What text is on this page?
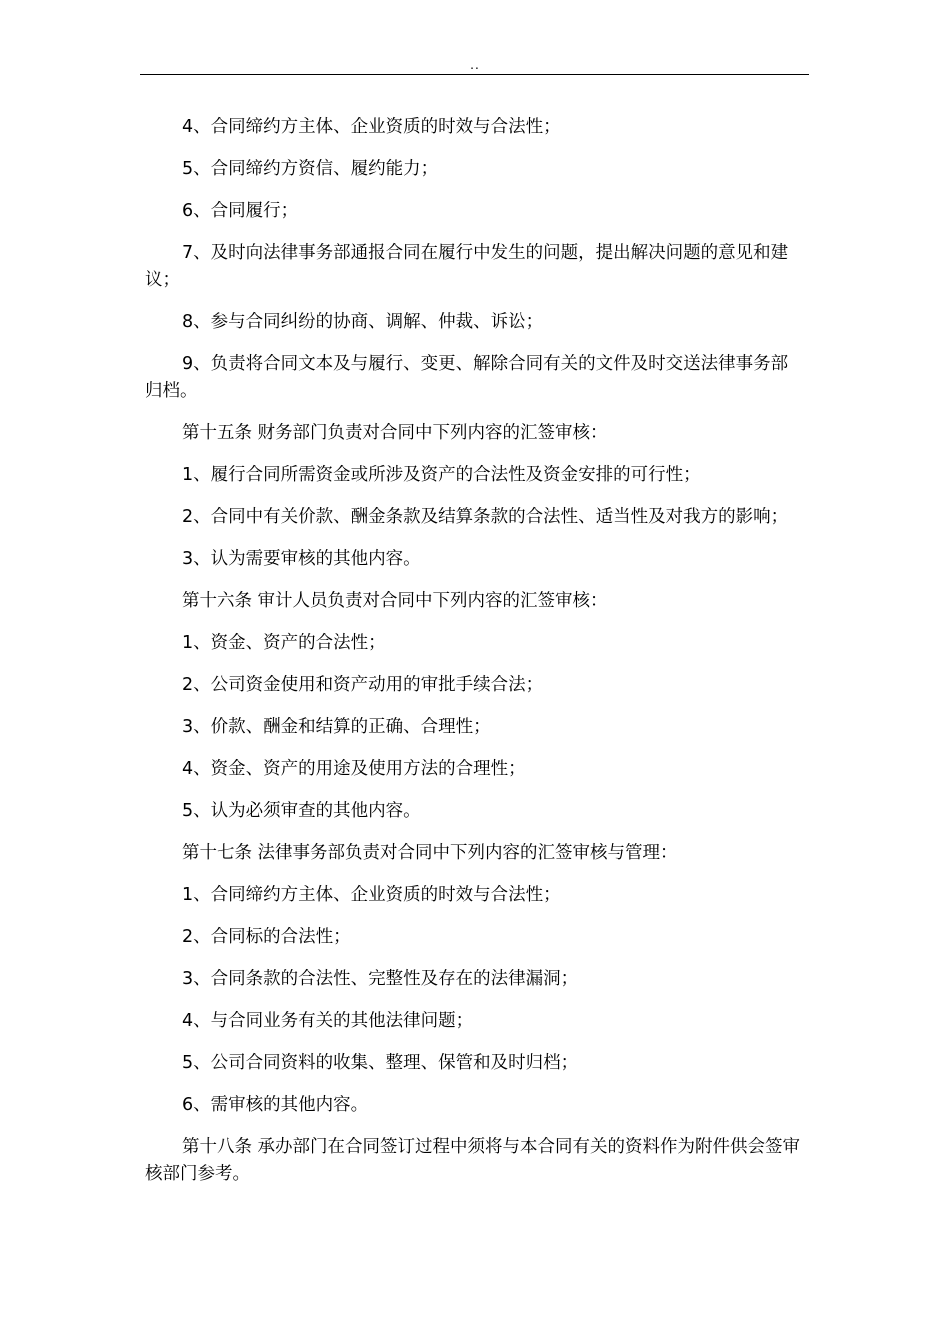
..

4、合同缔约方主体、企业资质的时效与合法性；

5、合同缔约方资信、履约能力；

6、合同履行；

7、及时向法律事务部通报合同在履行中发生的问题，提出解决问题的意见和建议；

8、参与合同纠纷的协商、调解、仲裁、诉讼；

9、负责将合同文本及与履行、变更、解除合同有关的文件及时交送法律事务部归档。

第十五条 财务部门负责对合同中下列内容的汇签审核：

1、履行合同所需资金或所涉及资产的合法性及资金安排的可行性；

2、合同中有关价款、酬金条款及结算条款的合法性、适当性及对我方的影响；

3、认为需要审核的其他内容。

第十六条 审计人员负责对合同中下列内容的汇签审核：

1、资金、资产的合法性；

2、公司资金使用和资产动用的审批手续合法；

3、价款、酬金和结算的正确、合理性；

4、资金、资产的用途及使用方法的合理性；

5、认为必须审查的其他内容。

第十七条 法律事务部负责对合同中下列内容的汇签审核与管理：

1、合同缔约方主体、企业资质的时效与合法性；

2、合同标的合法性；

3、合同条款的合法性、完整性及存在的法律漏洞；

4、与合同业务有关的其他法律问题；

5、公司合同资料的收集、整理、保管和及时归档；

6、需审核的其他内容。

第十八条 承办部门在合同签订过程中须将与本合同有关的资料作为附件供会签审核部门参考。
